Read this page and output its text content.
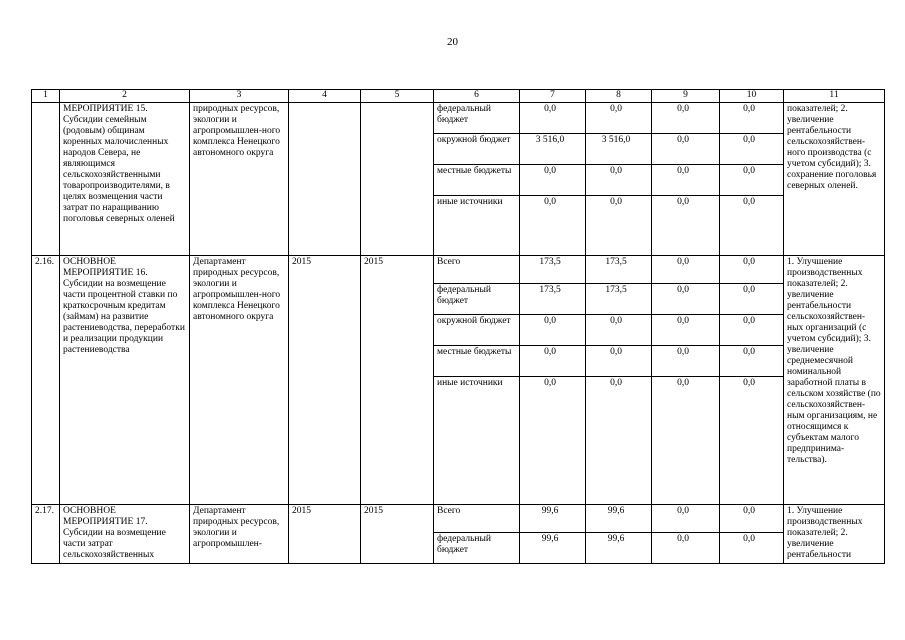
20
1	2	3	4	5	6	7	8	9	10	11
	МЕРОПРИЯТИЕ 15. Субсидии семейным (родовым) общинам коренных малочисленных народов Севера, не являющимся сельскохозяйственными товаропроизводителями, в целях возмещения части затрат по наращиванию поголовья северных оленей	природных ресурсов, экологии и агропромышлен-ного комплекса Ненецкого автономного округа			федеральный бюджет	0,0	0,0	0,0	0,0	показателей; 2. увеличение рентабельности сельскохозяйствен-ного производства (с учетом субсидий); 3. сохранение поголовья северных оленей.
					окружной бюджет	3 516,0	3 516,0	0,0	0,0	
					местные бюджеты	0,0	0,0	0,0	0,0	
					иные источники	0,0	0,0	0,0	0,0	
2.16.	ОСНОВНОЕ МЕРОПРИЯТИЕ 16. Субсидии на возмещение части процентной ставки по краткосрочным кредитам (займам) на развитие растениеводства, переработки и реализации продукции растениеводства	Департамент природных ресурсов, экологии и агропромышлен-ного комплекса Ненецкого автономного округа	2015	2015	Всего	173,5	173,5	0,0	0,0	1. Улучшение производственных показателей; 2. увеличение рентабельности сельскохозяйствен-ных организаций (с учетом субсидий); 3. увеличение среднемесячной номинальной заработной платы в сельском хозяйстве (по сельскохозяйствен-ным организациям, не относящимся к субъектам малого предпринима-тельства).
					федеральный бюджет	173,5	173,5	0,0	0,0	
					окружной бюджет	0,0	0,0	0,0	0,0	
					местные бюджеты	0,0	0,0	0,0	0,0	
					иные источники	0,0	0,0	0,0	0,0	
2.17.	ОСНОВНОЕ МЕРОПРИЯТИЕ 17. Субсидии на возмещение части затрат сельскохозяйственных	Департамент природных ресурсов, экологии и агропромышлен-	2015	2015	Всего	99,6	99,6	0,0	0,0	1. Улучшение производственных показателей; 2. увеличение рентабельности
					федеральный бюджет	99,6	99,6	0,0	0,0	
